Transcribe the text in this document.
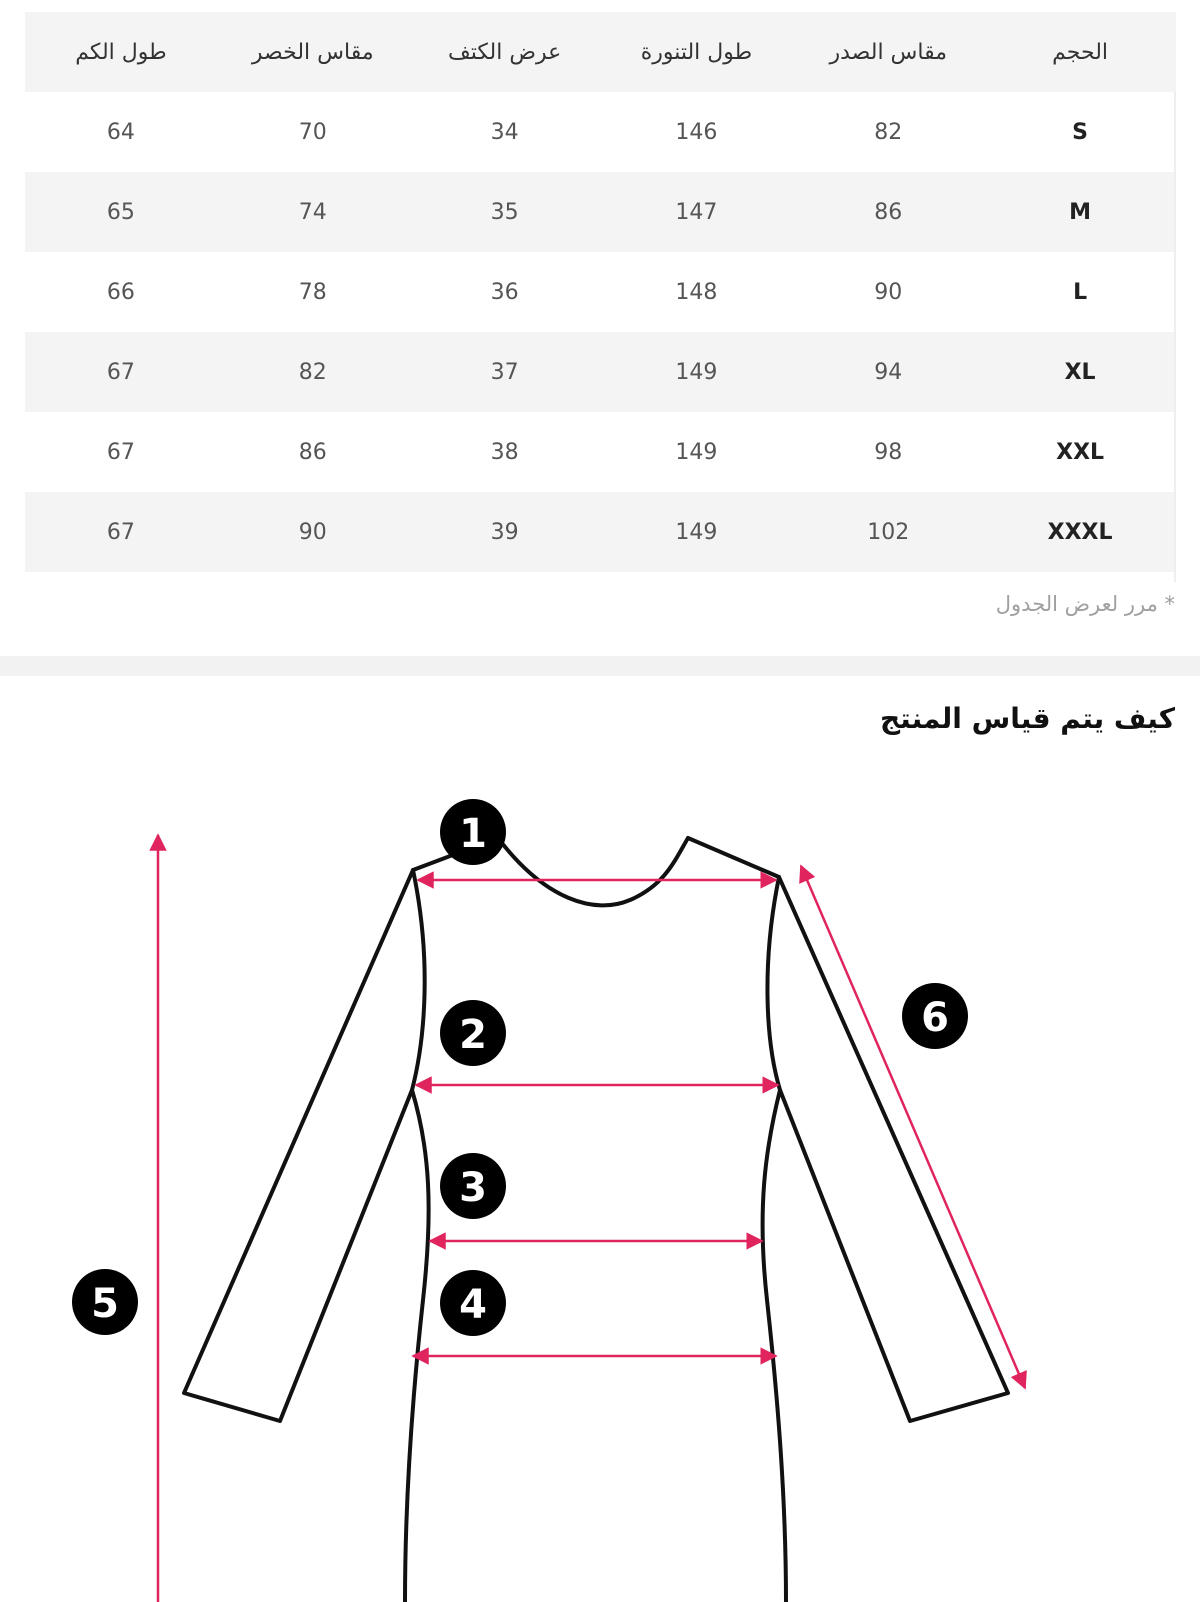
الحجم	مقاس الصدر	طول التنورة	عرض الكتف	مقاس الخصر	طول الكم
S	82	146	34	70	64
M	86	147	35	74	65
L	90	148	36	78	66
XL	94	149	37	82	67
XXL	98	149	38	86	67
XXXL	102	149	39	90	67
* مرر لعرض الجدول
كيف يتم قياس المنتج
1
2
3
4
5
6
